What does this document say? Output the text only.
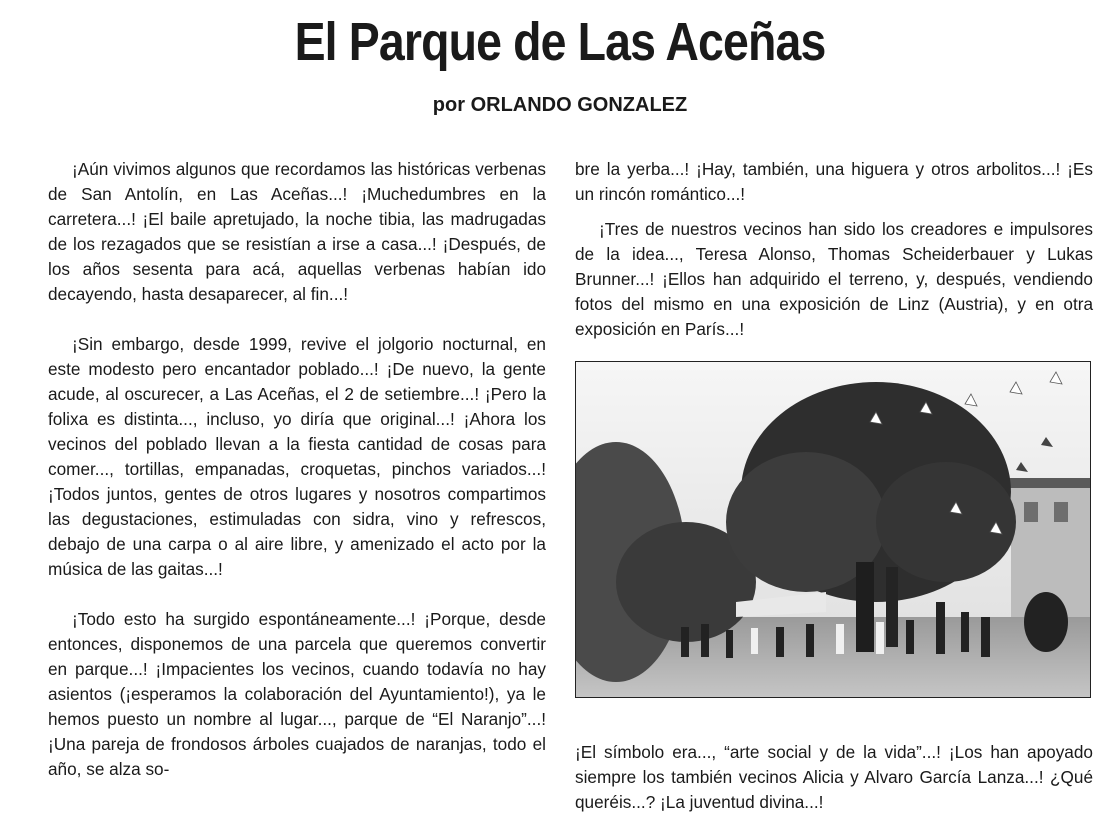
El Parque de Las Aceñas
por ORLANDO GONZALEZ

¡Aún vivimos algunos que recordamos las históricas verbenas de San Antolín, en Las Aceñas...! ¡Muchedumbres en la carretera...! ¡El baile apretujado, la noche tibia, las madrugadas de los rezagados que se resistían a irse a casa...! ¡Después, de los años sesenta para acá, aquellas verbenas habían ido decayendo, hasta desaparecer, al fin...!

¡Sin embargo, desde 1999, revive el jolgorio nocturnal, en este modesto pero encantador poblado...! ¡De nuevo, la gente acude, al oscurecer, a Las Aceñas, el 2 de setiembre...! ¡Pero la folixa es distinta..., incluso, yo diría que original...! ¡Ahora los vecinos del poblado llevan a la fiesta cantidad de cosas para comer..., tortillas, empanadas, croquetas, pinchos variados...! ¡Todos juntos, gentes de otros lugares y nosotros compartimos las degustaciones, estimuladas con sidra, vino y refrescos, debajo de una carpa o al aire libre, y amenizado el acto por la música de las gaitas...!

¡Todo esto ha surgido espontáneamente...! ¡Porque, desde entonces, disponemos de una parcela que queremos convertir en parque...! ¡Impacientes los vecinos, cuando todavía no hay asientos (¡esperamos la colaboración del Ayuntamiento!), ya le hemos puesto un nombre al lugar..., parque de “El Naranjo”...! ¡Una pareja de frondosos árboles cuajados de naranjas, todo el año, se alza so-

bre la yerba...! ¡Hay, también, una higuera y otros arbolitos...! ¡Es un rincón romántico...!

¡Tres de nuestros vecinos han sido los creadores e impulsores de la idea..., Teresa Alonso, Thomas Scheiderbauer y Lukas Brunner...! ¡Ellos han adquirido el terreno, y, después, vendiendo fotos del mismo en una exposición de Linz (Austria), y en otra exposición en París...!

¡El símbolo era..., “arte social y de la vida”...! ¡Los han apoyado siempre los también vecinos Alicia y Alvaro García Lanza...! ¿Qué queréis...? ¡La juventud divina...!
